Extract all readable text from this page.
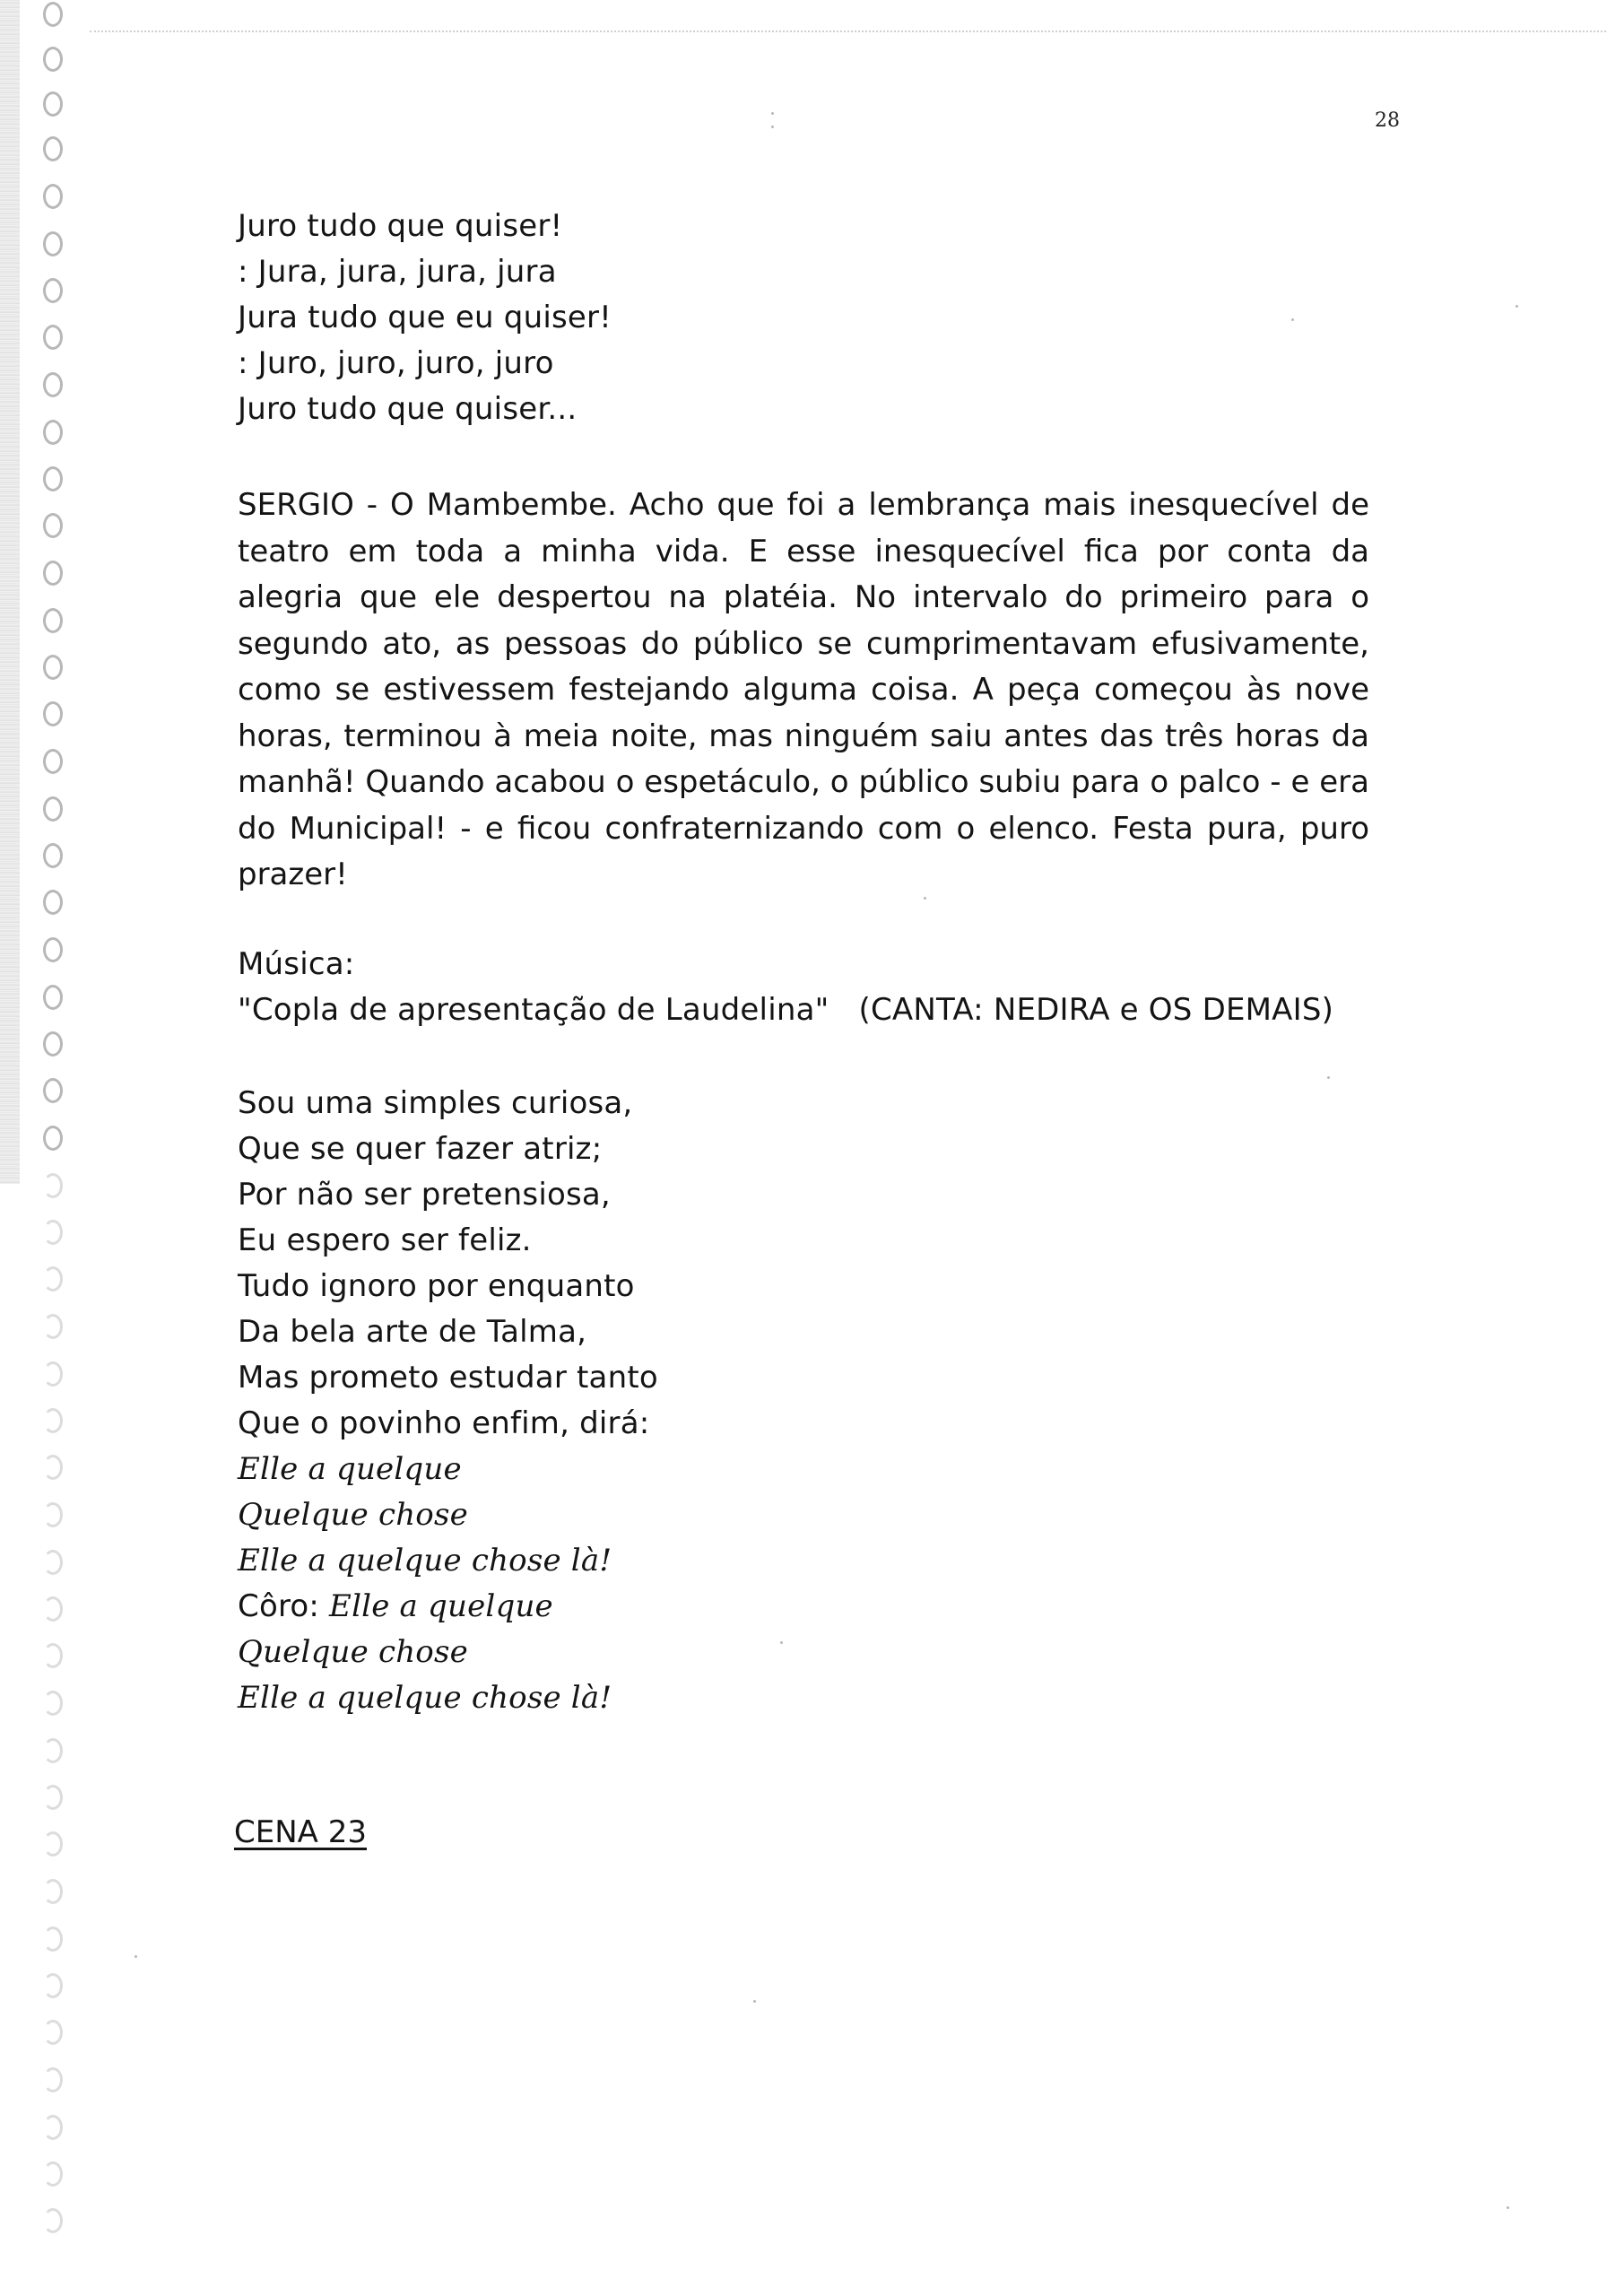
28

Juro tudo que quiser!

: Jura, jura, jura, jura

Jura tudo que eu quiser!

: Juro, juro, juro, juro

Juro tudo que quiser...

SERGIO - O Mambembe. Acho que foi a lembrança mais inesquecível de teatro em toda a minha vida. E esse inesquecível fica por conta da alegria que ele despertou na platéia. No intervalo do primeiro para o segundo ato, as pessoas do público se cumprimentavam efusivamente, como se estivessem festejando alguma coisa. A peça começou às nove horas, terminou à meia noite, mas ninguém saiu antes das três horas da manhã! Quando acabou o espetáculo, o público subiu para o palco - e era do Municipal! - e ficou confraternizando com o elenco. Festa pura, puro prazer!

Música:

"Copla de apresentação de Laudelina" (CANTA: NEDIRA e OS DEMAIS)

Sou uma simples curiosa,

Que se quer fazer atriz;

Por não ser pretensiosa,

Eu espero ser feliz.

Tudo ignoro por enquanto

Da bela arte de Talma,

Mas prometo estudar tanto

Que o povinho enfim, dirá:

Elle a quelque

Quelque chose

Elle a quelque chose là!

Côro: Elle a quelque

Quelque chose

Elle a quelque chose là!

CENA 23
